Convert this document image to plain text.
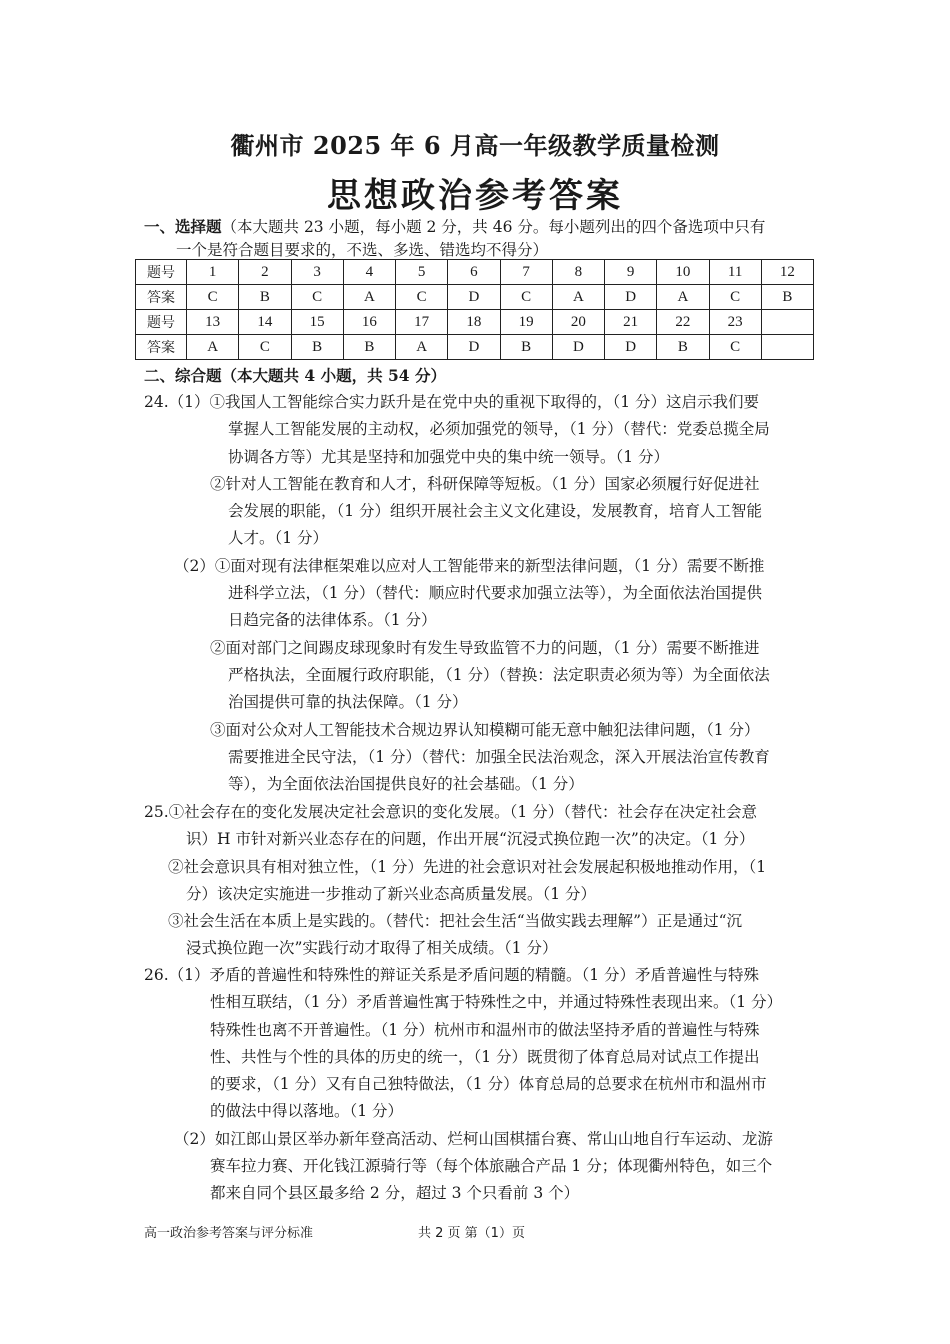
衢州市 2025 年 6 月高一年级教学质量检测
思想政治参考答案
一、选择题（本大题共 23 小题，每小题 2 分，共 46 分。每小题列出的四个备选项中只有
一个是符合题目要求的，不选、多选、错选均不得分）
题号	1	2	3	4	5	6	7	8	9	10	11	12
答案	C	B	C	A	C	D	C	A	D	A	C	B
题号	13	14	15	16	17	18	19	20	21	22	23	
答案	A	C	B	B	A	D	B	D	D	B	C	
二、综合题（本大题共 4 小题，共 54 分）
24.（1）①我国人工智能综合实力跃升是在党中央的重视下取得的，（1 分）这启示我们要
掌握人工智能发展的主动权，必须加强党的领导，（1 分）（替代：党委总揽全局
协调各方等）尤其是坚持和加强党中央的集中统一领导。（1 分）
②针对人工智能在教育和人才，科研保障等短板。（1 分）国家必须履行好促进社
会发展的职能，（1 分）组织开展社会主义文化建设，发展教育，培育人工智能
人才。（1 分）
（2）①面对现有法律框架难以应对人工智能带来的新型法律问题，（1 分）需要不断推
进科学立法，（1 分）（替代：顺应时代要求加强立法等），为全面依法治国提供
日趋完备的法律体系。（1 分）
②面对部门之间踢皮球现象时有发生导致监管不力的问题，（1 分）需要不断推进
严格执法，全面履行政府职能，（1 分）（替换：法定职责必须为等）为全面依法
治国提供可靠的执法保障。（1 分）
③面对公众对人工智能技术合规边界认知模糊可能无意中触犯法律问题，（1 分）
需要推进全民守法，（1 分）（替代：加强全民法治观念，深入开展法治宣传教育
等），为全面依法治国提供良好的社会基础。（1 分）
25.①社会存在的变化发展决定社会意识的变化发展。（1 分）（替代：社会存在决定社会意
识）H 市针对新兴业态存在的问题，作出开展“沉浸式换位跑一次”的决定。（1 分）
②社会意识具有相对独立性，（1 分）先进的社会意识对社会发展起积极地推动作用，（1
分）该决定实施进一步推动了新兴业态高质量发展。（1 分）
③社会生活在本质上是实践的。（替代：把社会生活“当做实践去理解”）正是通过“沉
浸式换位跑一次”实践行动才取得了相关成绩。（1 分）
26.（1）矛盾的普遍性和特殊性的辩证关系是矛盾问题的精髓。（1 分）矛盾普遍性与特殊
性相互联结，（1 分）矛盾普遍性寓于特殊性之中，并通过特殊性表现出来。（1 分）
特殊性也离不开普遍性。（1 分）杭州市和温州市的做法坚持矛盾的普遍性与特殊
性、共性与个性的具体的历史的统一，（1 分）既贯彻了体育总局对试点工作提出
的要求，（1 分）又有自己独特做法，（1 分）体育总局的总要求在杭州市和温州市
的做法中得以落地。（1 分）
（2）如江郎山景区举办新年登高活动、烂柯山国棋擂台赛、常山山地自行车运动、龙游
赛车拉力赛、开化钱江源骑行等（每个体旅融合产品 1 分；体现衢州特色，如三个
都来自同个县区最多给 2 分，超过 3 个只看前 3 个）
高一政治参考答案与评分标准	共 2 页 第（1）页
